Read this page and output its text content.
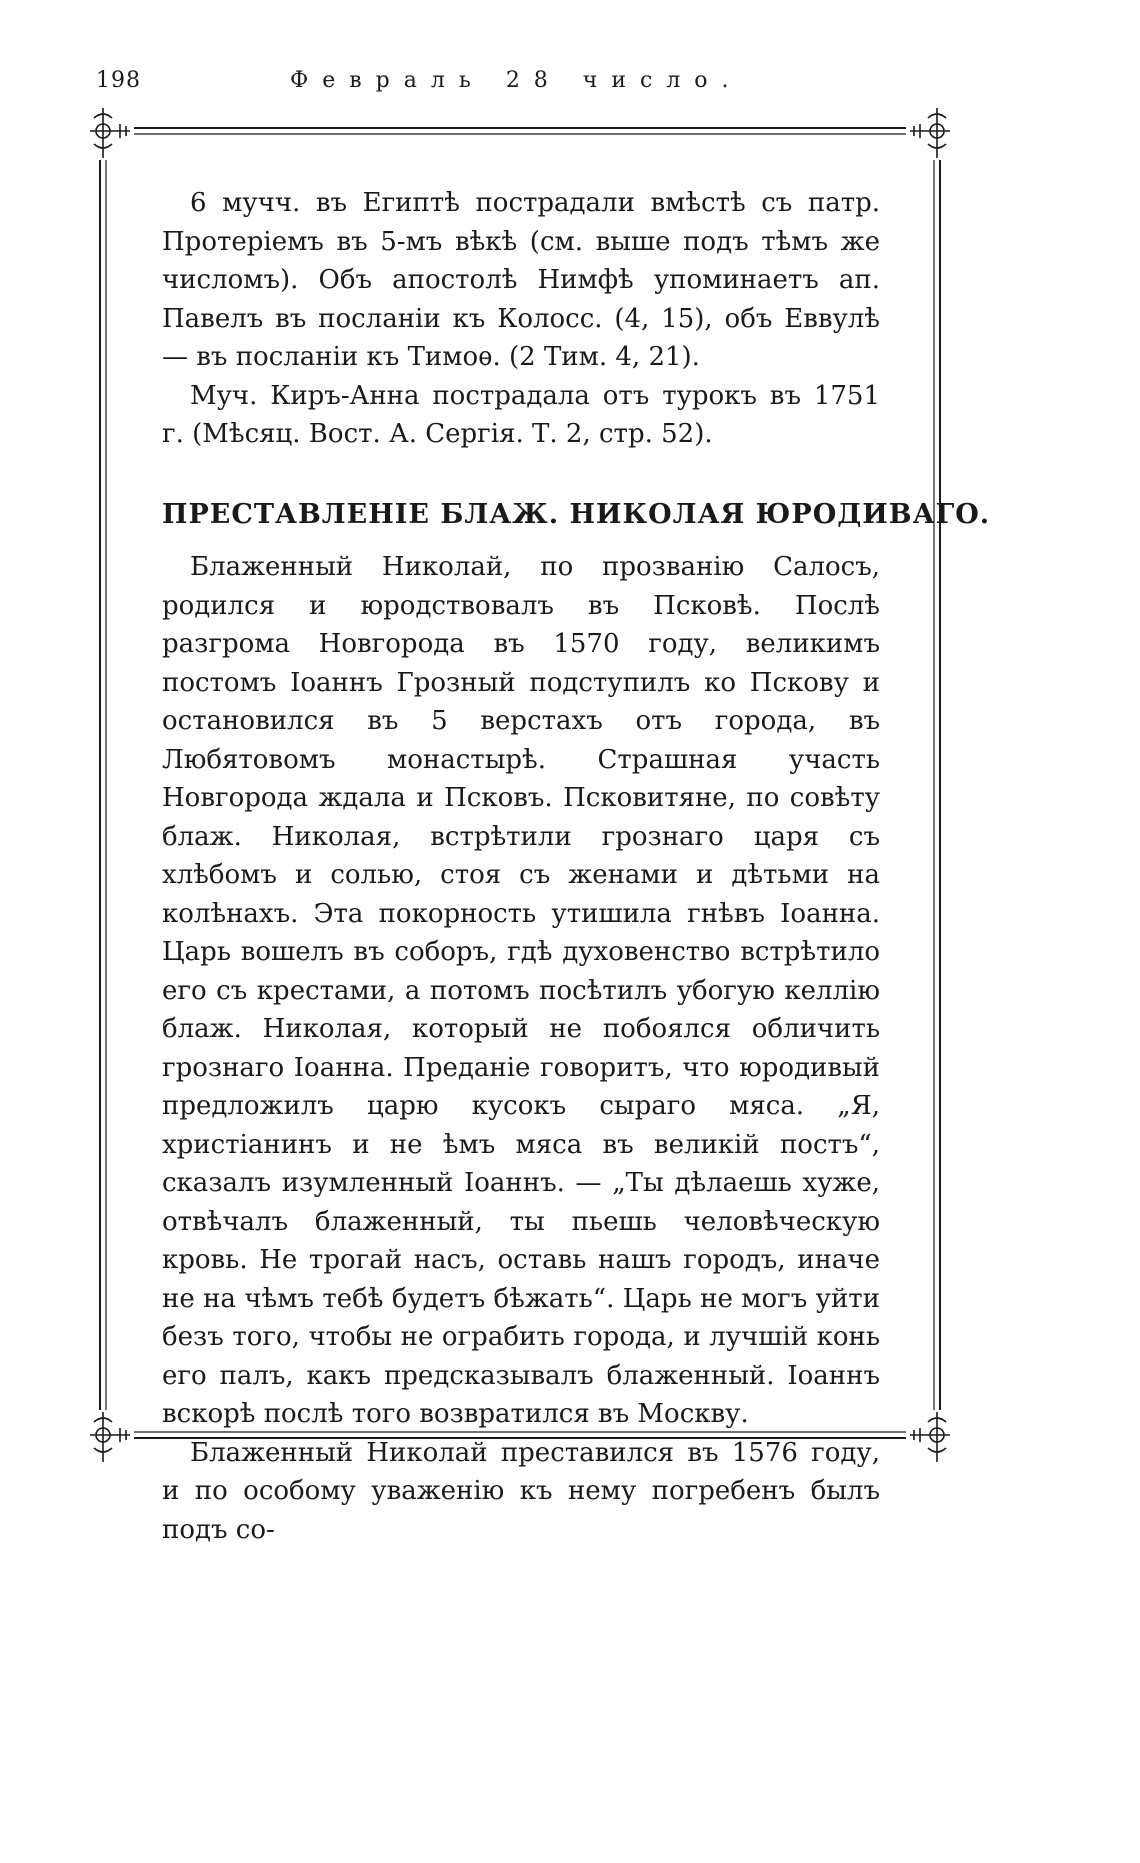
198	Февраль 28 число.

6 мучч. въ Египтѣ пострадали вмѣстѣ съ патр. Протеріемъ въ 5-мъ вѣкѣ (см. выше подъ тѣмъ же числомъ). Объ апостолѣ Нимфѣ упоминаетъ ап. Павелъ въ посланіи къ Колосс. (4, 15), объ Еввулѣ — въ посланіи къ Тимоѳ. (2 Тим. 4, 21).

Муч. Киръ-Анна пострадала отъ турокъ въ 1751 г. (Мѣсяц. Вост. А. Сергія. Т. 2, стр. 52).

ПРЕСТАВЛЕНІЕ БЛАЖ. НИКОЛАЯ ЮРОДИВАГО.

Блаженный Николай, по прозванію Салосъ, родился и юродствовалъ въ Псковѣ. Послѣ разгрома Новгорода въ 1570 году, великимъ постомъ Іоаннъ Грозный подступилъ ко Пскову и остановился въ 5 верстахъ отъ города, въ Любятовомъ монастырѣ. Страшная участь Новгорода ждала и Псковъ. Псковитяне, по совѣту блаж. Николая, встрѣтили грознаго царя съ хлѣбомъ и солью, стоя съ женами и дѣтьми на колѣнахъ. Эта покорность утишила гнѣвъ Іоанна. Царь вошелъ въ соборъ, гдѣ духовенство встрѣтило его съ крестами, а потомъ посѣтилъ убогую келлію блаж. Николая, который не побоялся обличить грознаго Іоанна. Преданіе говоритъ, что юродивый предложилъ царю кусокъ сыраго мяса. „Я, христіанинъ и не ѣмъ мяса въ великій постъ“, сказалъ изумленный Іоаннъ. — „Ты дѣлаешь хуже, отвѣчалъ блаженный, ты пьешь человѣческую кровь. Не трогай насъ, оставь нашъ городъ, иначе не на чѣмъ тебѣ будетъ бѣжать“. Царь не могъ уйти безъ того, чтобы не ограбить города, и лучшій конь его палъ, какъ предсказывалъ блаженный. Іоаннъ вскорѣ послѣ того возвратился въ Москву.

Блаженный Николай преставился въ 1576 году, и по особому уваженію къ нему погребенъ былъ подъ со-
